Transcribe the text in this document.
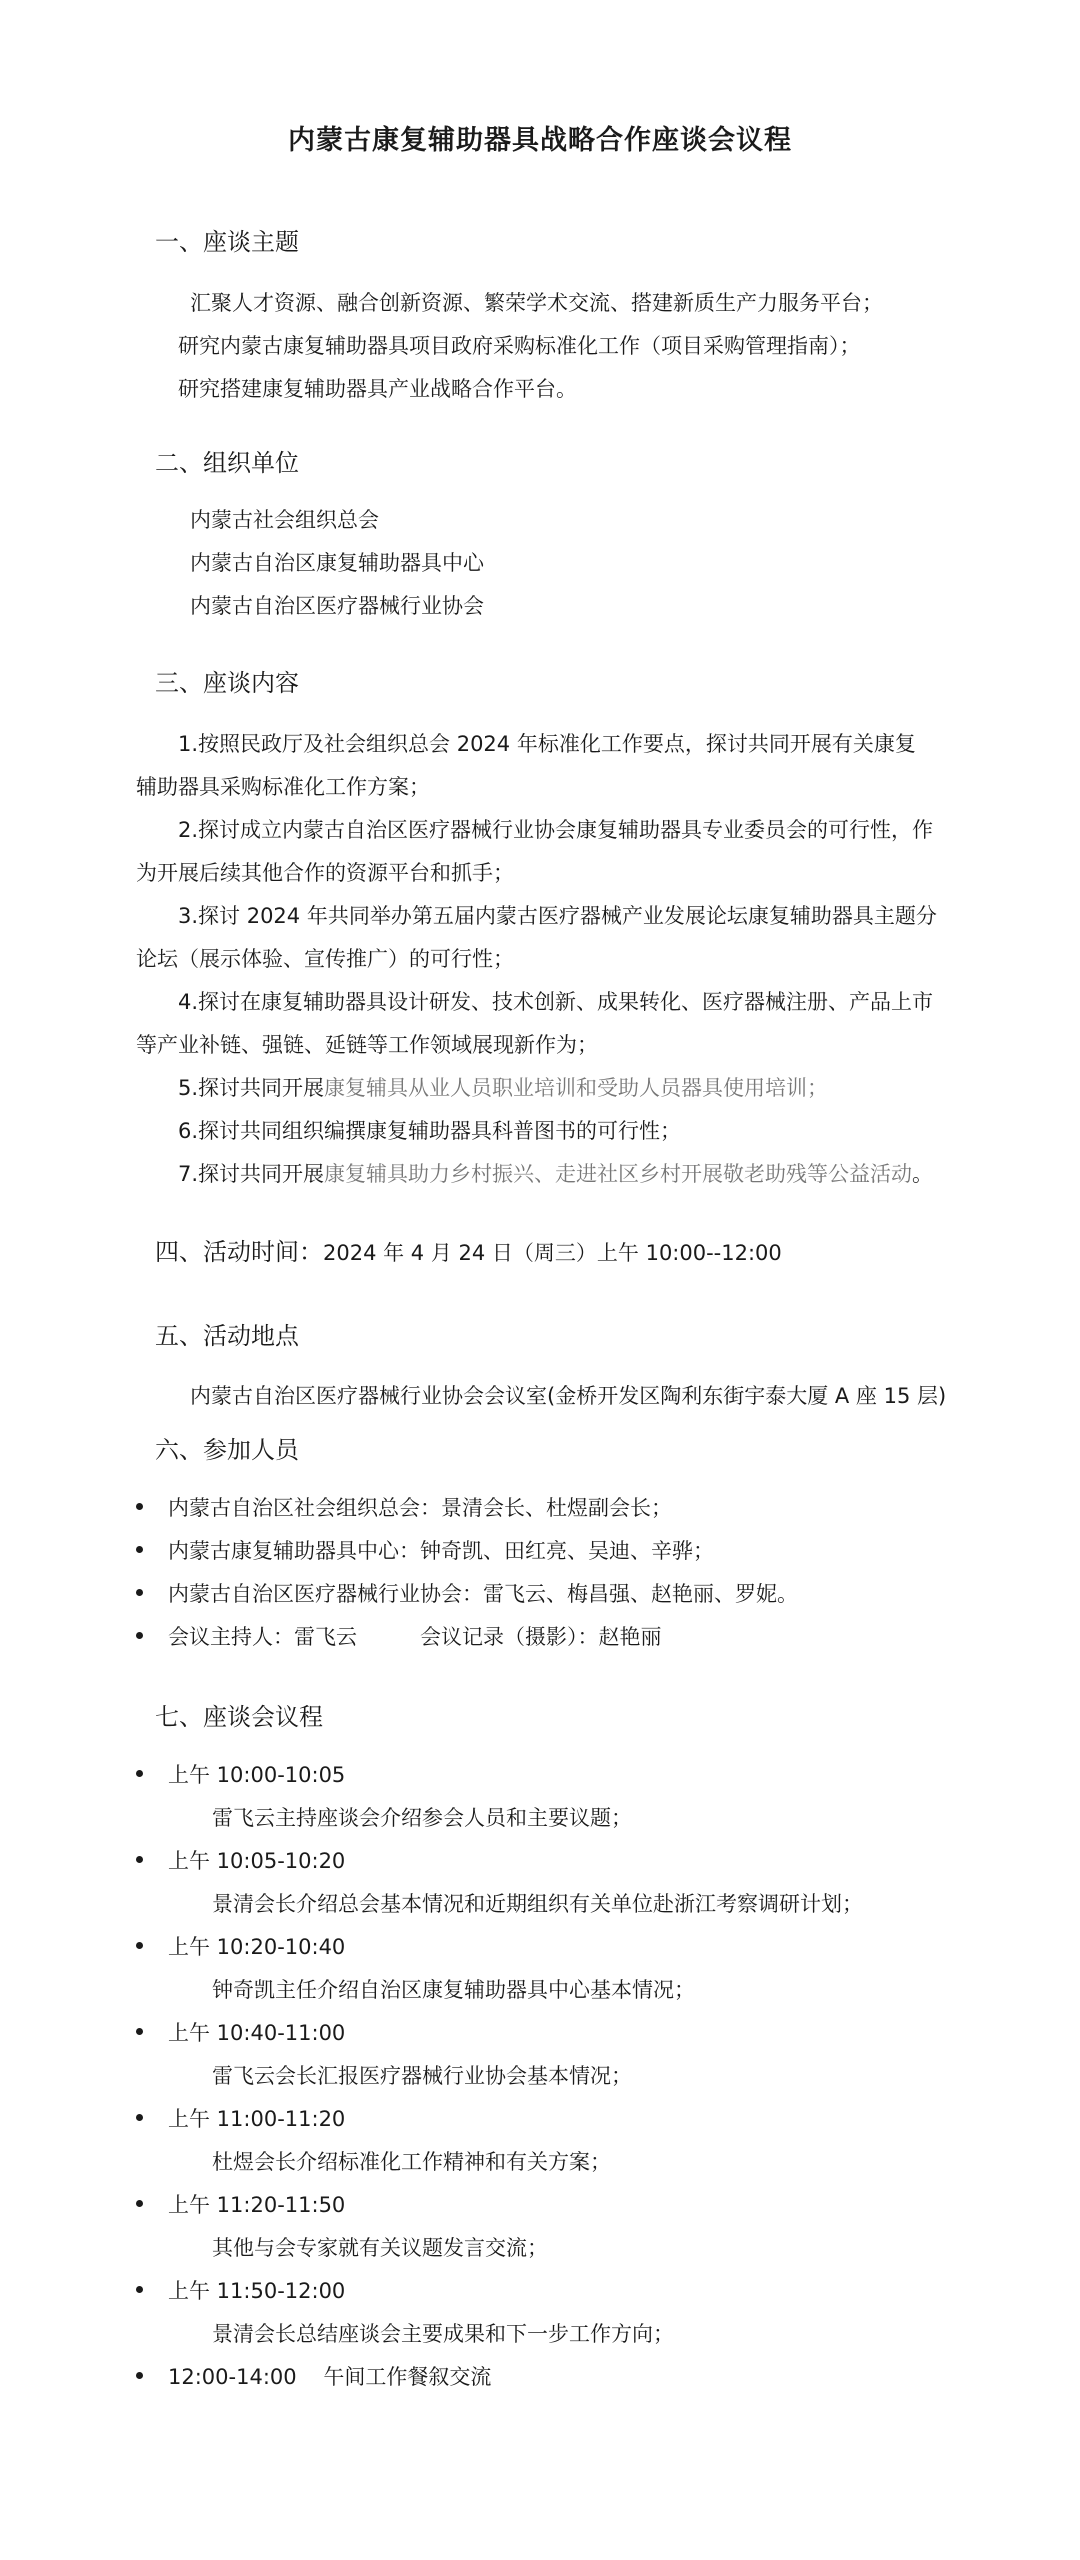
内蒙古康复辅助器具战略合作座谈会议程
一、座谈主题
汇聚人才资源、融合创新资源、繁荣学术交流、搭建新质生产力服务平台；
研究内蒙古康复辅助器具项目政府采购标准化工作（项目采购管理指南）；
研究搭建康复辅助器具产业战略合作平台。
二、组织单位
内蒙古社会组织总会
内蒙古自治区康复辅助器具中心
内蒙古自治区医疗器械行业协会
三、座谈内容
1.按照民政厅及社会组织总会 2024 年标准化工作要点，探讨共同开展有关康复
辅助器具采购标准化工作方案；
2.探讨成立内蒙古自治区医疗器械行业协会康复辅助器具专业委员会的可行性，作
为开展后续其他合作的资源平台和抓手；
3.探讨 2024 年共同举办第五届内蒙古医疗器械产业发展论坛康复辅助器具主题分
论坛（展示体验、宣传推广）的可行性；
4.探讨在康复辅助器具设计研发、技术创新、成果转化、医疗器械注册、产品上市
等产业补链、强链、延链等工作领域展现新作为；
5.探讨共同开展康复辅具从业人员职业培训和受助人员器具使用培训；
6.探讨共同组织编撰康复辅助器具科普图书的可行性；
7.探讨共同开展康复辅具助力乡村振兴、走进社区乡村开展敬老助残等公益活动。
四、活动时间：2024 年 4 月 24 日（周三）上午 10:00--12:00
五、活动地点
内蒙古自治区医疗器械行业协会会议室(金桥开发区陶利东街宇泰大厦 A 座 15 层)
六、参加人员
内蒙古自治区社会组织总会：景清会长、杜煜副会长；
内蒙古康复辅助器具中心：钟奇凯、田红亮、吴迪、辛骅；
内蒙古自治区医疗器械行业协会：雷飞云、梅昌强、赵艳丽、罗妮。
会议主持人：雷飞云	会议记录（摄影）：赵艳丽
七、座谈会议程
上午 10:00-10:05
雷飞云主持座谈会介绍参会人员和主要议题；
上午 10:05-10:20
景清会长介绍总会基本情况和近期组织有关单位赴浙江考察调研计划；
上午 10:20-10:40
钟奇凯主任介绍自治区康复辅助器具中心基本情况；
上午 10:40-11:00
雷飞云会长汇报医疗器械行业协会基本情况；
上午 11:00-11:20
杜煜会长介绍标准化工作精神和有关方案；
上午 11:20-11:50
其他与会专家就有关议题发言交流；
上午 11:50-12:00
景清会长总结座谈会主要成果和下一步工作方向；
12:00-14:00    午间工作餐叙交流
